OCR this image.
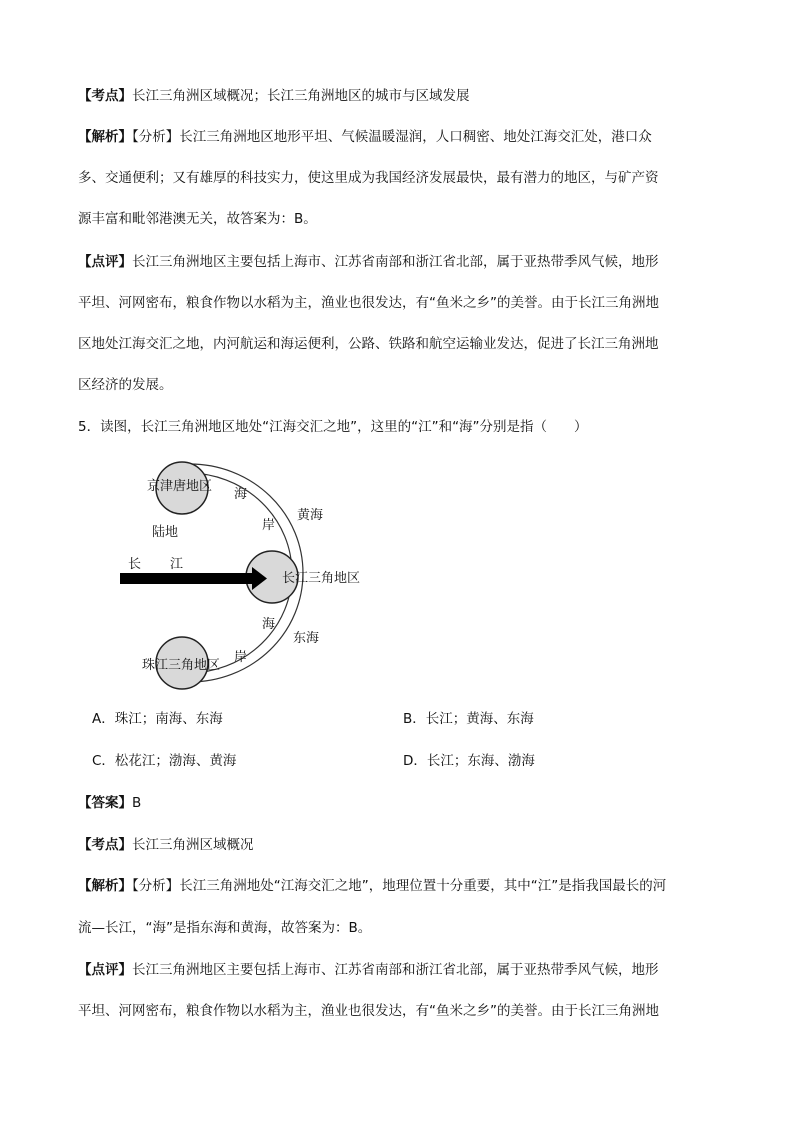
【考点】长江三角洲区域概况；长江三角洲地区的城市与区域发展
【解析】【分析】长江三角洲地区地形平坦、气候温暖湿润，人口稠密、地处江海交汇处，港口众
多、交通便利；又有雄厚的科技实力，使这里成为我国经济发展最快，最有潜力的地区，与矿产资
源丰富和毗邻港澳无关，故答案为：B。
【点评】长江三角洲地区主要包括上海市、江苏省南部和浙江省北部，属于亚热带季风气候，地形
平坦、河网密布，粮食作物以水稻为主，渔业也很发达，有“鱼米之乡”的美誉。由于长江三角洲地
区地处江海交汇之地，内河航运和海运便利，公路、铁路和航空运输业发达，促进了长江三角洲地
区经济的发展。
5．读图，长江三角洲地区地处“江海交汇之地”，这里的“江”和“海”分别是指（　　）
京津唐地区
海
岸
黄海
陆地
长 江
长江三角地区
海
东海
岸
珠江三角地区
A．珠江；南海、东海	B．长江；黄海、东海
C．松花江；渤海、黄海	D．长江；东海、渤海
【答案】B
【考点】长江三角洲区域概况
【解析】【分析】长江三角洲地处“江海交汇之地”，地理位置十分重要，其中“江”是指我国最长的河
流—长江，“海”是指东海和黄海，故答案为：B。
【点评】长江三角洲地区主要包括上海市、江苏省南部和浙江省北部，属于亚热带季风气候，地形
平坦、河网密布，粮食作物以水稻为主，渔业也很发达，有“鱼米之乡”的美誉。由于长江三角洲地
